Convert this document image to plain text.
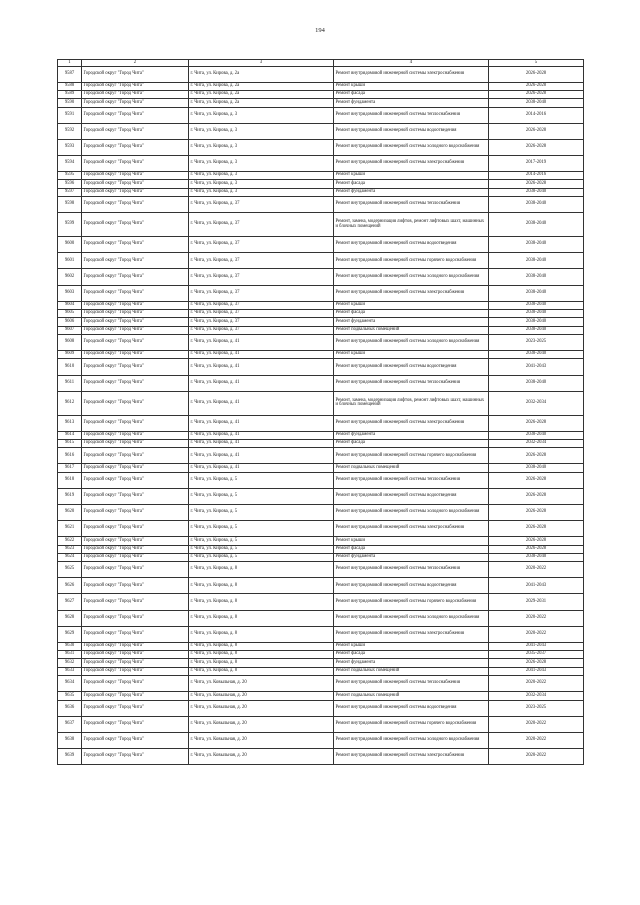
194
1	2	3	4	5
9587	Городской округ "Город Чита"	г. Чита, ул. Кирова, д. 2а	Ремонт внутридомовой инженерной системы электроснабжения	2026-2028
9588	Городской округ "Город Чита"	г. Чита, ул. Кирова, д. 2а	Ремонт крыши	2026-2028
9589	Городской округ "Город Чита"	г. Чита, ул. Кирова, д. 2а	Ремонт фасада	2026-2028
9590	Городской округ "Город Чита"	г. Чита, ул. Кирова, д. 2а	Ремонт фундамента	2038-2040
9591	Городской округ "Город Чита"	г. Чита, ул. Кирова, д. 3	Ремонт внутридомовой инженерной системы теплоснабжения	2014-2016
9592	Городской округ "Город Чита"	г. Чита, ул. Кирова, д. 3	Ремонт внутридомовой инженерной системы водоотведения	2026-2028
9593	Городской округ "Город Чита"	г. Чита, ул. Кирова, д. 3	Ремонт внутридомовой инженерной системы холодного водоснабжения	2026-2028
9594	Городской округ "Город Чита"	г. Чита, ул. Кирова, д. 3	Ремонт внутридомовой инженерной системы электроснабжения	2017-2019
9595	Городской округ "Город Чита"	г. Чита, ул. Кирова, д. 3	Ремонт крыши	2014-2016
9596	Городской округ "Город Чита"	г. Чита, ул. Кирова, д. 3	Ремонт фасада	2026-2028
9597	Городской округ "Город Чита"	г. Чита, ул. Кирова, д. 3	Ремонт фундамента	2038-2040
9598	Городской округ "Город Чита"	г. Чита, ул. Кирова, д. 37	Ремонт внутридомовой инженерной системы теплоснабжения	2038-2040
9599	Городской округ "Город Чита"	г. Чита, ул. Кирова, д. 37	Ремонт, замена, модернизация лифтов, ремонт лифтовых шахт, машинных и блочных помещений	2038-2040
9600	Городской округ "Город Чита"	г. Чита, ул. Кирова, д. 37	Ремонт внутридомовой инженерной системы водоотведения	2038-2040
9601	Городской округ "Город Чита"	г. Чита, ул. Кирова, д. 37	Ремонт внутридомовой инженерной системы горячего водоснабжения	2038-2040
9602	Городской округ "Город Чита"	г. Чита, ул. Кирова, д. 37	Ремонт внутридомовой инженерной системы холодного водоснабжения	2038-2040
9603	Городской округ "Город Чита"	г. Чита, ул. Кирова, д. 37	Ремонт внутридомовой инженерной системы электроснабжения	2038-2040
9604	Городской округ "Город Чита"	г. Чита, ул. Кирова, д. 37	Ремонт крыши	2038-2040
9605	Городской округ "Город Чита"	г. Чита, ул. Кирова, д. 37	Ремонт фасада	2038-2040
9606	Городской округ "Город Чита"	г. Чита, ул. Кирова, д. 37	Ремонт фундамента	2038-2040
9607	Городской округ "Город Чита"	г. Чита, ул. Кирова, д. 37	Ремонт подвальных помещений	2038-2040
9608	Городской округ "Город Чита"	г. Чита, ул. Кирова, д. 41	Ремонт внутридомовой инженерной системы холодного водоснабжения	2023-2025
9609	Городской округ "Город Чита"	г. Чита, ул. Кирова, д. 41	Ремонт крыши	2038-2040
9610	Городской округ "Город Чита"	г. Чита, ул. Кирова, д. 41	Ремонт внутридомовой инженерной системы водоотведения	2041-2043
9611	Городской округ "Город Чита"	г. Чита, ул. Кирова, д. 41	Ремонт внутридомовой инженерной системы теплоснабжения	2038-2040
9612	Городской округ "Город Чита"	г. Чита, ул. Кирова, д. 41	Ремонт, замена, модернизация лифтов, ремонт лифтовых шахт, машинных и блочных помещений	2032-2034
9613	Городской округ "Город Чита"	г. Чита, ул. Кирова, д. 41	Ремонт внутридомовой инженерной системы электроснабжения	2026-2028
9614	Городской округ "Город Чита"	г. Чита, ул. Кирова, д. 41	Ремонт фундамента	2038-2040
9615	Городской округ "Город Чита"	г. Чита, ул. Кирова, д. 41	Ремонт фасада	2032-2034
9616	Городской округ "Город Чита"	г. Чита, ул. Кирова, д. 41	Ремонт внутридомовой инженерной системы горячего водоснабжения	2026-2028
9617	Городской округ "Город Чита"	г. Чита, ул. Кирова, д. 41	Ремонт подвальных помещений	2038-2040
9618	Городской округ "Город Чита"	г. Чита, ул. Кирова, д. 5	Ремонт внутридомовой инженерной системы теплоснабжения	2026-2028
9619	Городской округ "Город Чита"	г. Чита, ул. Кирова, д. 5	Ремонт внутридомовой инженерной системы водоотведения	2026-2028
9620	Городской округ "Город Чита"	г. Чита, ул. Кирова, д. 5	Ремонт внутридомовой инженерной системы холодного водоснабжения	2026-2028
9621	Городской округ "Город Чита"	г. Чита, ул. Кирова, д. 5	Ремонт внутридомовой инженерной системы электроснабжения	2026-2028
9622	Городской округ "Город Чита"	г. Чита, ул. Кирова, д. 5	Ремонт крыши	2026-2028
9623	Городской округ "Город Чита"	г. Чита, ул. Кирова, д. 5	Ремонт фасада	2026-2028
9624	Городской округ "Город Чита"	г. Чита, ул. Кирова, д. 5	Ремонт фундамента	2038-2040
9625	Городской округ "Город Чита"	г. Чита, ул. Кирова, д. 8	Ремонт внутридомовой инженерной системы теплоснабжения	2020-2022
9626	Городской округ "Город Чита"	г. Чита, ул. Кирова, д. 8	Ремонт внутридомовой инженерной системы водоотведения	2041-2043
9627	Городской округ "Город Чита"	г. Чита, ул. Кирова, д. 8	Ремонт внутридомовой инженерной системы горячего водоснабжения	2029-2031
9628	Городской округ "Город Чита"	г. Чита, ул. Кирова, д. 8	Ремонт внутридомовой инженерной системы холодного водоснабжения	2020-2022
9629	Городской округ "Город Чита"	г. Чита, ул. Кирова, д. 8	Ремонт внутридомовой инженерной системы электроснабжения	2020-2022
9630	Городской округ "Город Чита"	г. Чита, ул. Кирова, д. 8	Ремонт крыши	2041-2043
9631	Городской округ "Город Чита"	г. Чита, ул. Кирова, д. 8	Ремонт фасада	2035-2037
9632	Городской округ "Город Чита"	г. Чита, ул. Кирова, д. 8	Ремонт фундамента	2026-2028
9633	Городской округ "Город Чита"	г. Чита, ул. Кирова, д. 8	Ремонт подвальных помещений	2041-2043
9634	Городской округ "Город Чита"	г. Чита, ул. Ковыльная, д. 20	Ремонт внутридомовой инженерной системы теплоснабжения	2020-2022
9635	Городской округ "Город Чита"	г. Чита, ул. Ковыльная, д. 20	Ремонт подвальных помещений	2032-2034
9636	Городской округ "Город Чита"	г. Чита, ул. Ковыльная, д. 20	Ремонт внутридомовой инженерной системы водоотведения	2023-2025
9637	Городской округ "Город Чита"	г. Чита, ул. Ковыльная, д. 20	Ремонт внутридомовой инженерной системы горячего водоснабжения	2020-2022
9638	Городской округ "Город Чита"	г. Чита, ул. Ковыльная, д. 20	Ремонт внутридомовой инженерной системы холодного водоснабжения	2020-2022
9639	Городской округ "Город Чита"	г. Чита, ул. Ковыльная, д. 20	Ремонт внутридомовой инженерной системы электроснабжения	2020-2022
